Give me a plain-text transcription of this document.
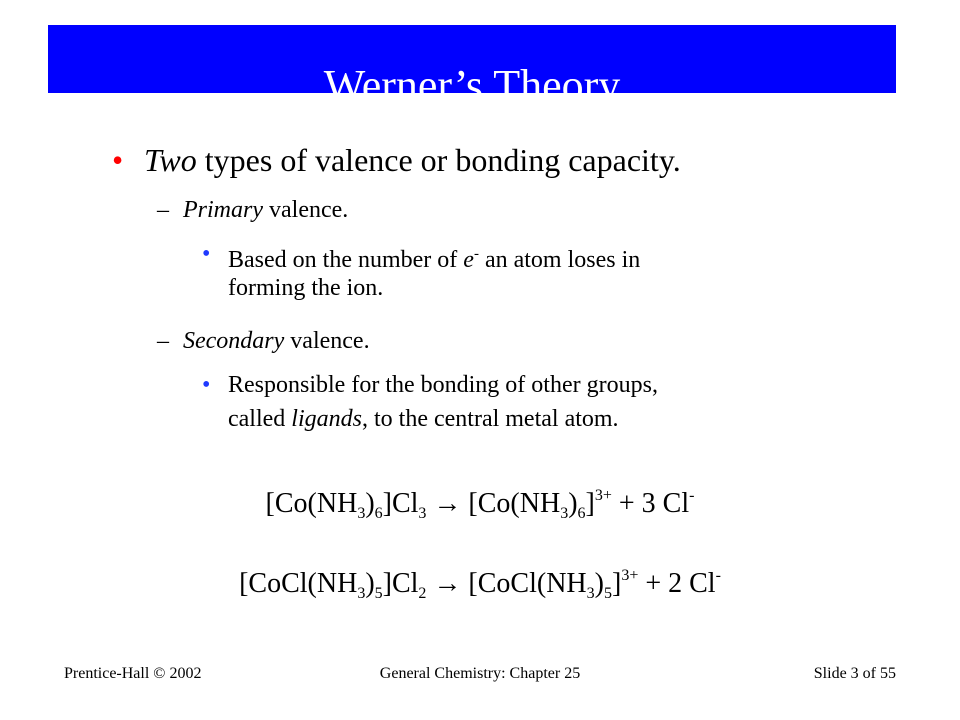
Werner’s Theory
• Two types of valence or bonding capacity.
– Primary valence.
• Based on the number of e- an atom loses in
forming the ion.
– Secondary valence.
• Responsible for the bonding of other groups,
called ligands, to the central metal atom.
$[Co(NH_3)_6]Cl_3 \to [Co(NH_3)_6]^{3+} + 3$ Cl-
$[CoCl(NH_3)_5]Cl_2$ → $[CoCl(NH_3)_5]^{3+} + 2$ Cl-
Prentice-Hall © 2002	General Chemistry: Chapter 25	Slide 3 of 55
